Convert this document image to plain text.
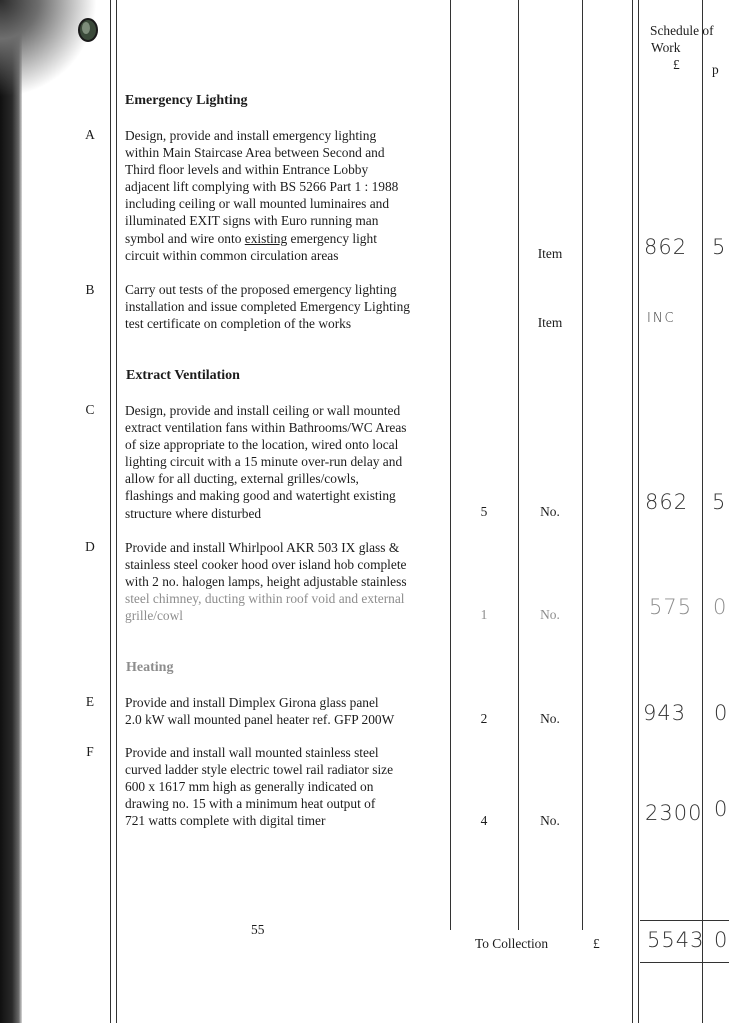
Schedule of
Work
£ p
Emergency Lighting
A	Design, provide and install emergency lighting
within Main Staircase Area between Second and
Third floor levels and within Entrance Lobby
adjacent lift complying with BS 5266 Part 1 : 1988
including ceiling or wall mounted luminaires and
illuminated EXIT signs with Euro running man
symbol and wire onto existing emergency light
circuit within common circulation areas	Item	862 5
B	Carry out tests of the proposed emergency lighting
installation and issue completed Emergency Lighting
test certificate on completion of the works	Item	INC
Extract Ventilation
C	Design, provide and install ceiling or wall mounted
extract ventilation fans within Bathrooms/WC Areas
of size appropriate to the location, wired onto local
lighting circuit with a 15 minute over-run delay and
allow for all ducting, external grilles/cowls,
flashings and making good and watertight existing
structure where disturbed	5	No.	862 5
D	Provide and install Whirlpool AKR 503 IX glass &
stainless steel cooker hood over island hob complete
with 2 no. halogen lamps, height adjustable stainless
steel chimney, ducting within roof void and external
grille/cowl	1	No.	575 0
Heating
E	Provide and install Dimplex Girona glass panel
2.0 kW wall mounted panel heater ref. GFP 200W	2	No.	943 0
F	Provide and install wall mounted stainless steel
curved ladder style electric towel rail radiator size
600 x 1617 mm high as generally indicated on
drawing no. 15 with a minimum heat output of
721 watts complete with digital timer	4	No.	2300 0
55
To Collection	£ 5543 0
